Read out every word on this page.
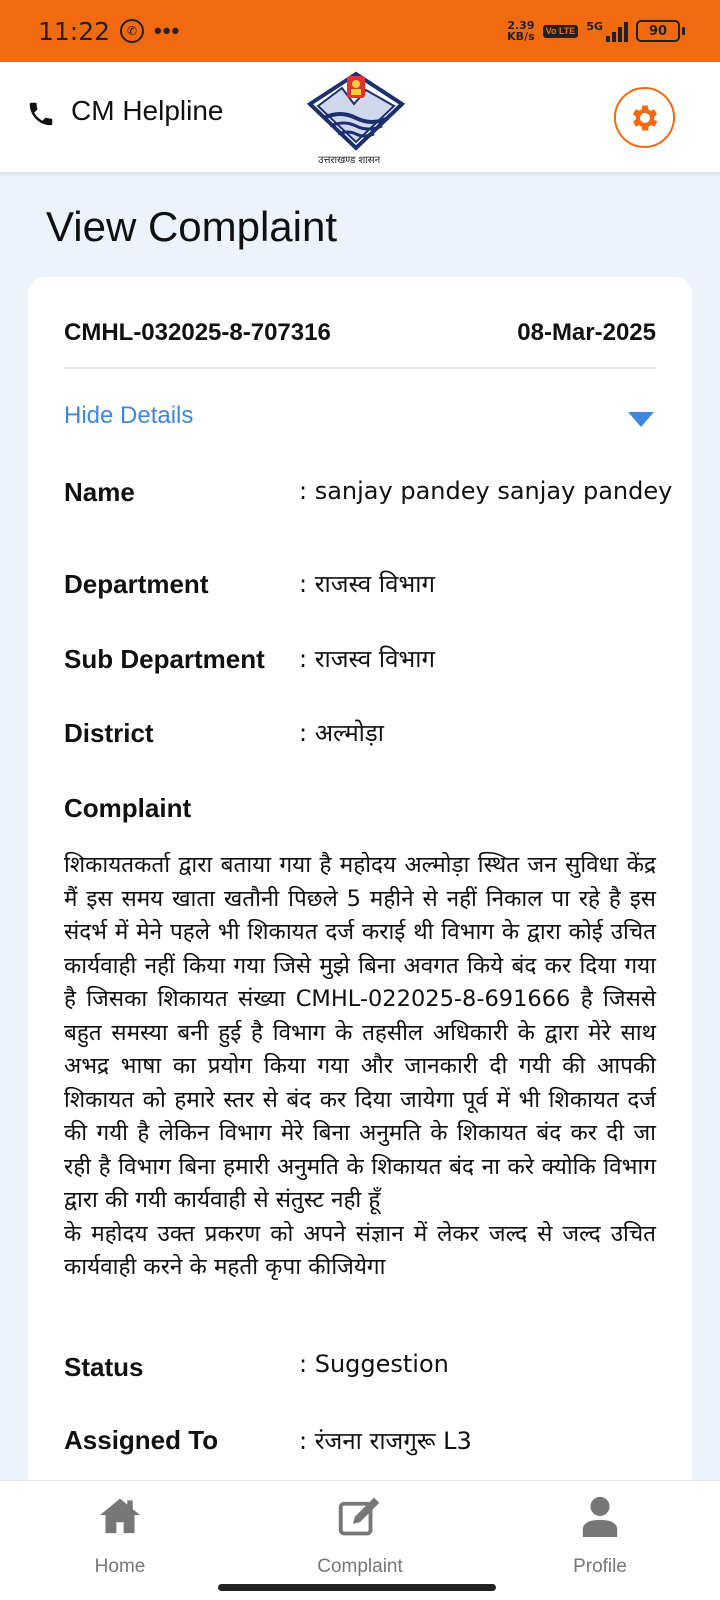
11:22	✆ •••	2.39
KB/s	Vo LTE 5G	90
CM Helpline
उत्तराखण्ड शासन
View Complaint
CMHL-032025-8-707316	08-Mar-2025
Hide Details
Name	: sanjay pandey sanjay pandey
Department	: राजस्व विभाग
Sub Department : राजस्व विभाग
District	: अल्मोड़ा
Complaint

शिकायतकर्ता द्वारा बताया गया है महोदय अल्मोड़ा स्थित जन सुविधा केंद्र मैं इस समय खाता खतौनी पिछले 5 महीने से नहीं निकाल पा रहे है इस संदर्भ में मेने पहले भी शिकायत दर्ज कराई थी विभाग के द्वारा कोई उचित कार्यवाही नहीं किया गया जिसे मुझे बिना अवगत किये बंद कर दिया गया है जिसका शिकायत संख्या CMHL-022025-8-691666 है जिससे बहुत समस्या बनी हुई है विभाग के तहसील अधिकारी के द्वारा मेरे साथ अभद्र भाषा का प्रयोग किया गया और जानकारी दी गयी की आपकी शिकायत को हमारे स्तर से बंद कर दिया जायेगा पूर्व में भी शिकायत दर्ज की गयी है लेकिन विभाग मेरे बिना अनुमति के शिकायत बंद कर दी जा रही है विभाग बिना हमारी अनुमति के शिकायत बंद ना करे क्योकि विभाग द्वारा की गयी कार्यवाही से संतुस्ट नही हूँ

के महोदय उक्त प्रकरण को अपने संज्ञान में लेकर जल्द से जल्द उचित कार्यवाही करने के महती कृपा कीजियेगा

Status	: Suggestion
Assigned To	: रंजना राजगुरू L3
Home	Complaint	Profile
